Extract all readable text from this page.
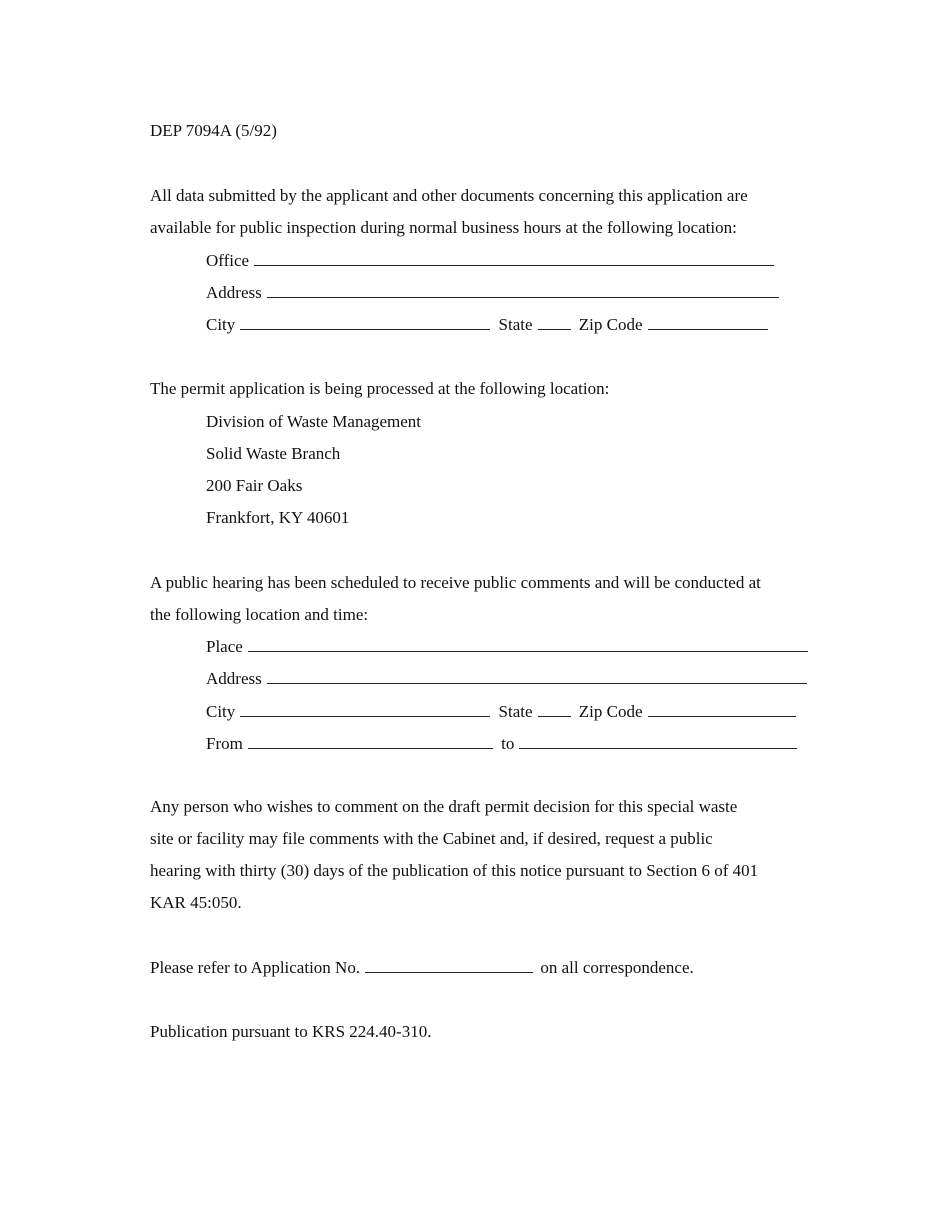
DEP 7094A (5/92)
All data submitted by the applicant and other documents concerning this application are
available for public inspection during normal business hours at the following location:
Office
Address
City	State	Zip Code
The permit application is being processed at the following location:
Division of Waste Management
Solid Waste Branch
200 Fair Oaks
Frankfort, KY 40601
A public hearing has been scheduled to receive public comments and will be conducted at
the following location and time:
Place
Address
City	State	Zip Code
From	to
Any person who wishes to comment on the draft permit decision for this special waste
site or facility may file comments with the Cabinet and, if desired, request a public
hearing with thirty (30) days of the publication of this notice pursuant to Section 6 of 401
KAR 45:050.
Please refer to Application No.	on all correspondence.
Publication pursuant to KRS 224.40-310.
